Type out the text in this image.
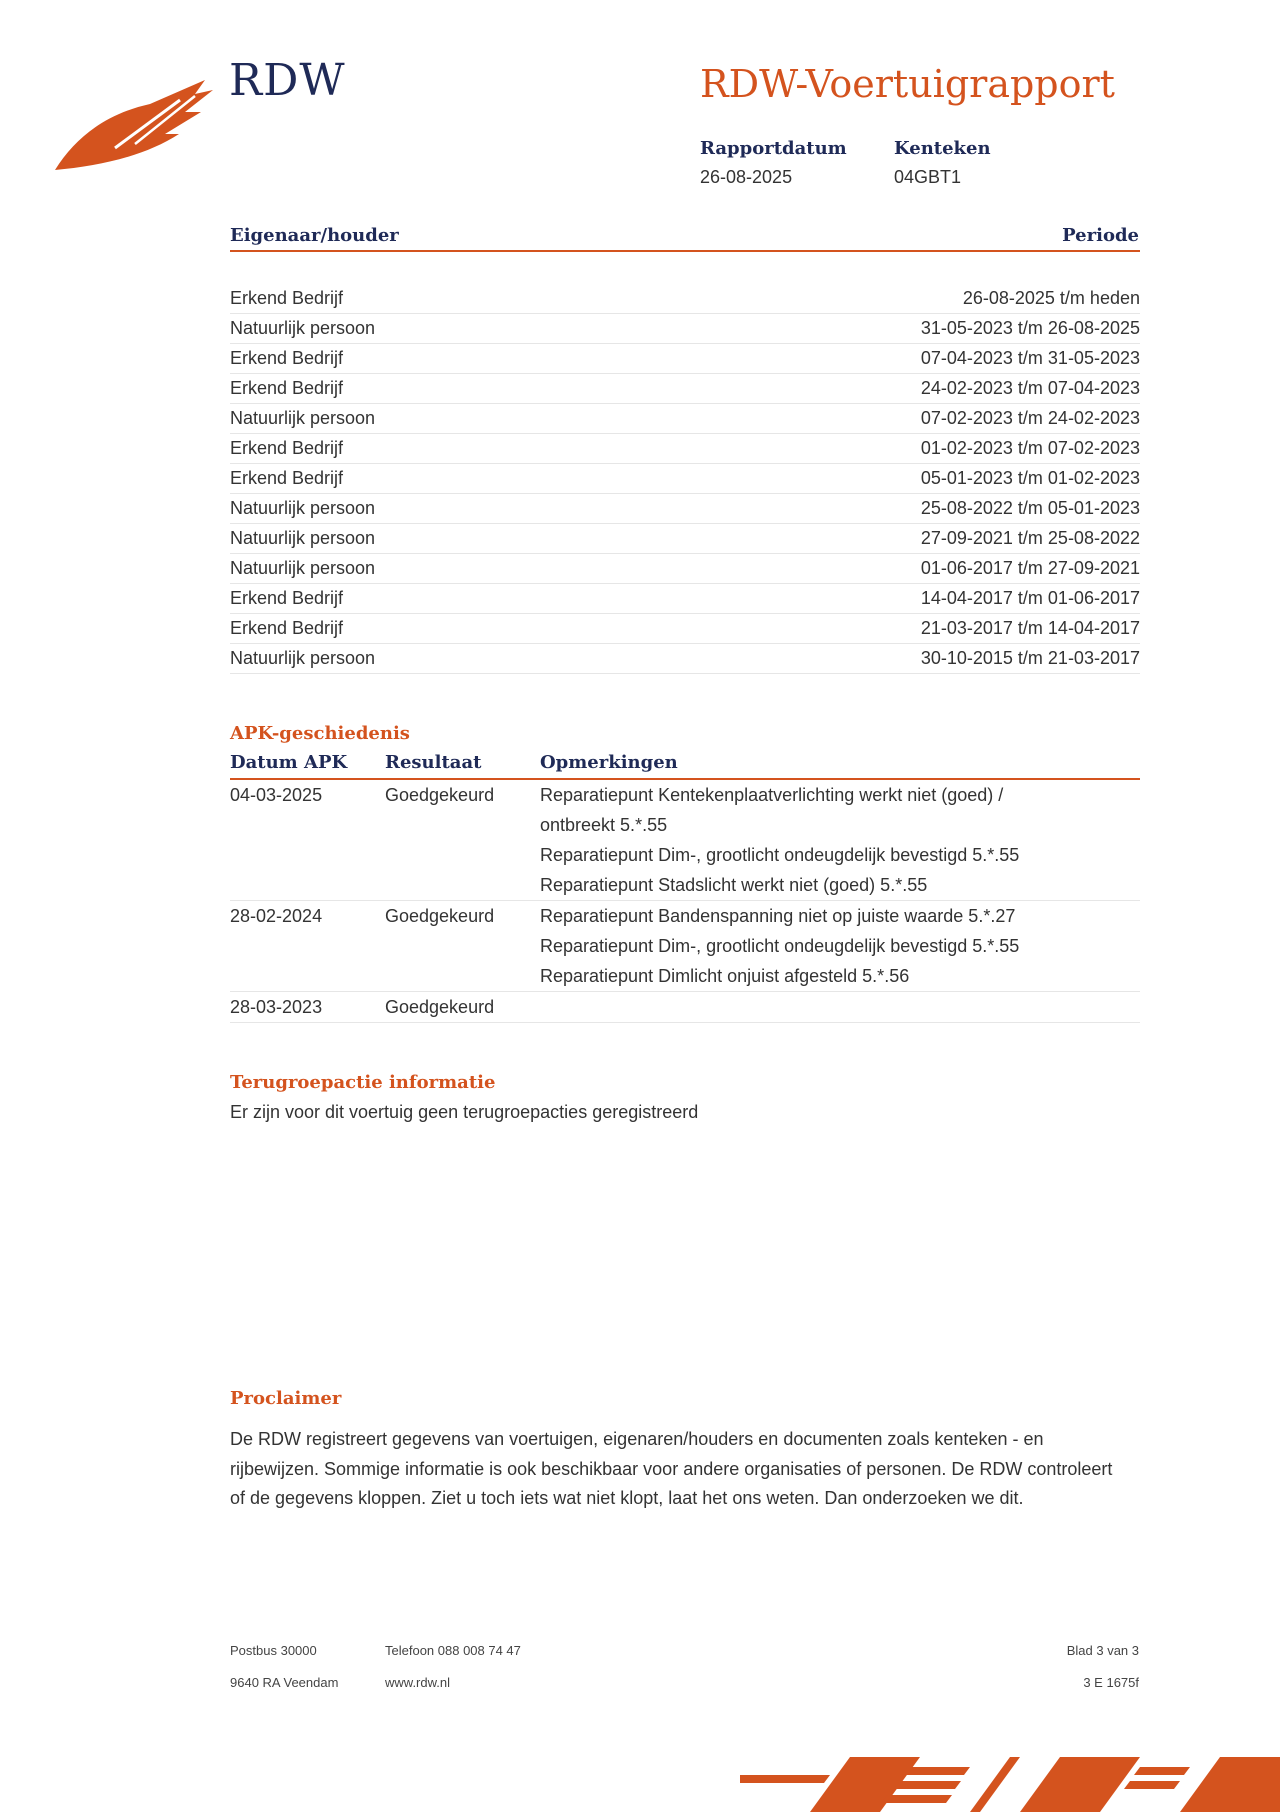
RDW	RDW-Voertuigrapport
Rapportdatum
26-08-2025
Kenteken
04GBT1
Eigenaar/houder	Periode
Erkend Bedrijf	26-08-2025 t/m heden
Natuurlijk persoon	31-05-2023 t/m 26-08-2025
Erkend Bedrijf	07-04-2023 t/m 31-05-2023
Erkend Bedrijf	24-02-2023 t/m 07-04-2023
Natuurlijk persoon	07-02-2023 t/m 24-02-2023
Erkend Bedrijf	01-02-2023 t/m 07-02-2023
Erkend Bedrijf	05-01-2023 t/m 01-02-2023
Natuurlijk persoon	25-08-2022 t/m 05-01-2023
Natuurlijk persoon	27-09-2021 t/m 25-08-2022
Natuurlijk persoon	01-06-2017 t/m 27-09-2021
Erkend Bedrijf	14-04-2017 t/m 01-06-2017
Erkend Bedrijf	21-03-2017 t/m 14-04-2017
Natuurlijk persoon	30-10-2015 t/m 21-03-2017
APK-geschiedenis
Datum APK Resultaat	Opmerkingen
04-03-2025	Goedgekeurd	Reparatiepunt Kentekenplaatverlichting werkt niet (goed) /
ontbreekt 5.*.55
Reparatiepunt Dim-, grootlicht ondeugdelijk bevestigd 5.*.55
Reparatiepunt Stadslicht werkt niet (goed) 5.*.55
28-02-2024	Goedgekeurd	Reparatiepunt Bandenspanning niet op juiste waarde 5.*.27
Reparatiepunt Dim-, grootlicht ondeugdelijk bevestigd 5.*.55
Reparatiepunt Dimlicht onjuist afgesteld 5.*.56
28-03-2023	Goedgekeurd

Terugroepactie informatie
Er zijn voor dit voertuig geen terugroepacties geregistreerd
Proclaimer
De RDW registreert gegevens van voertuigen, eigenaren/houders en documenten zoals kenteken - en rijbewijzen. Sommige informatie is ook beschikbaar voor andere organisaties of personen. De RDW controleert of de gegevens kloppen. Ziet u toch iets wat niet klopt, laat het ons weten. Dan onderzoeken we dit.
Postbus 30000
9640 RA Veendam
Telefoon 088 008 74 47
www.rdw.nl
Blad 3 van 3
3 E 1675f
